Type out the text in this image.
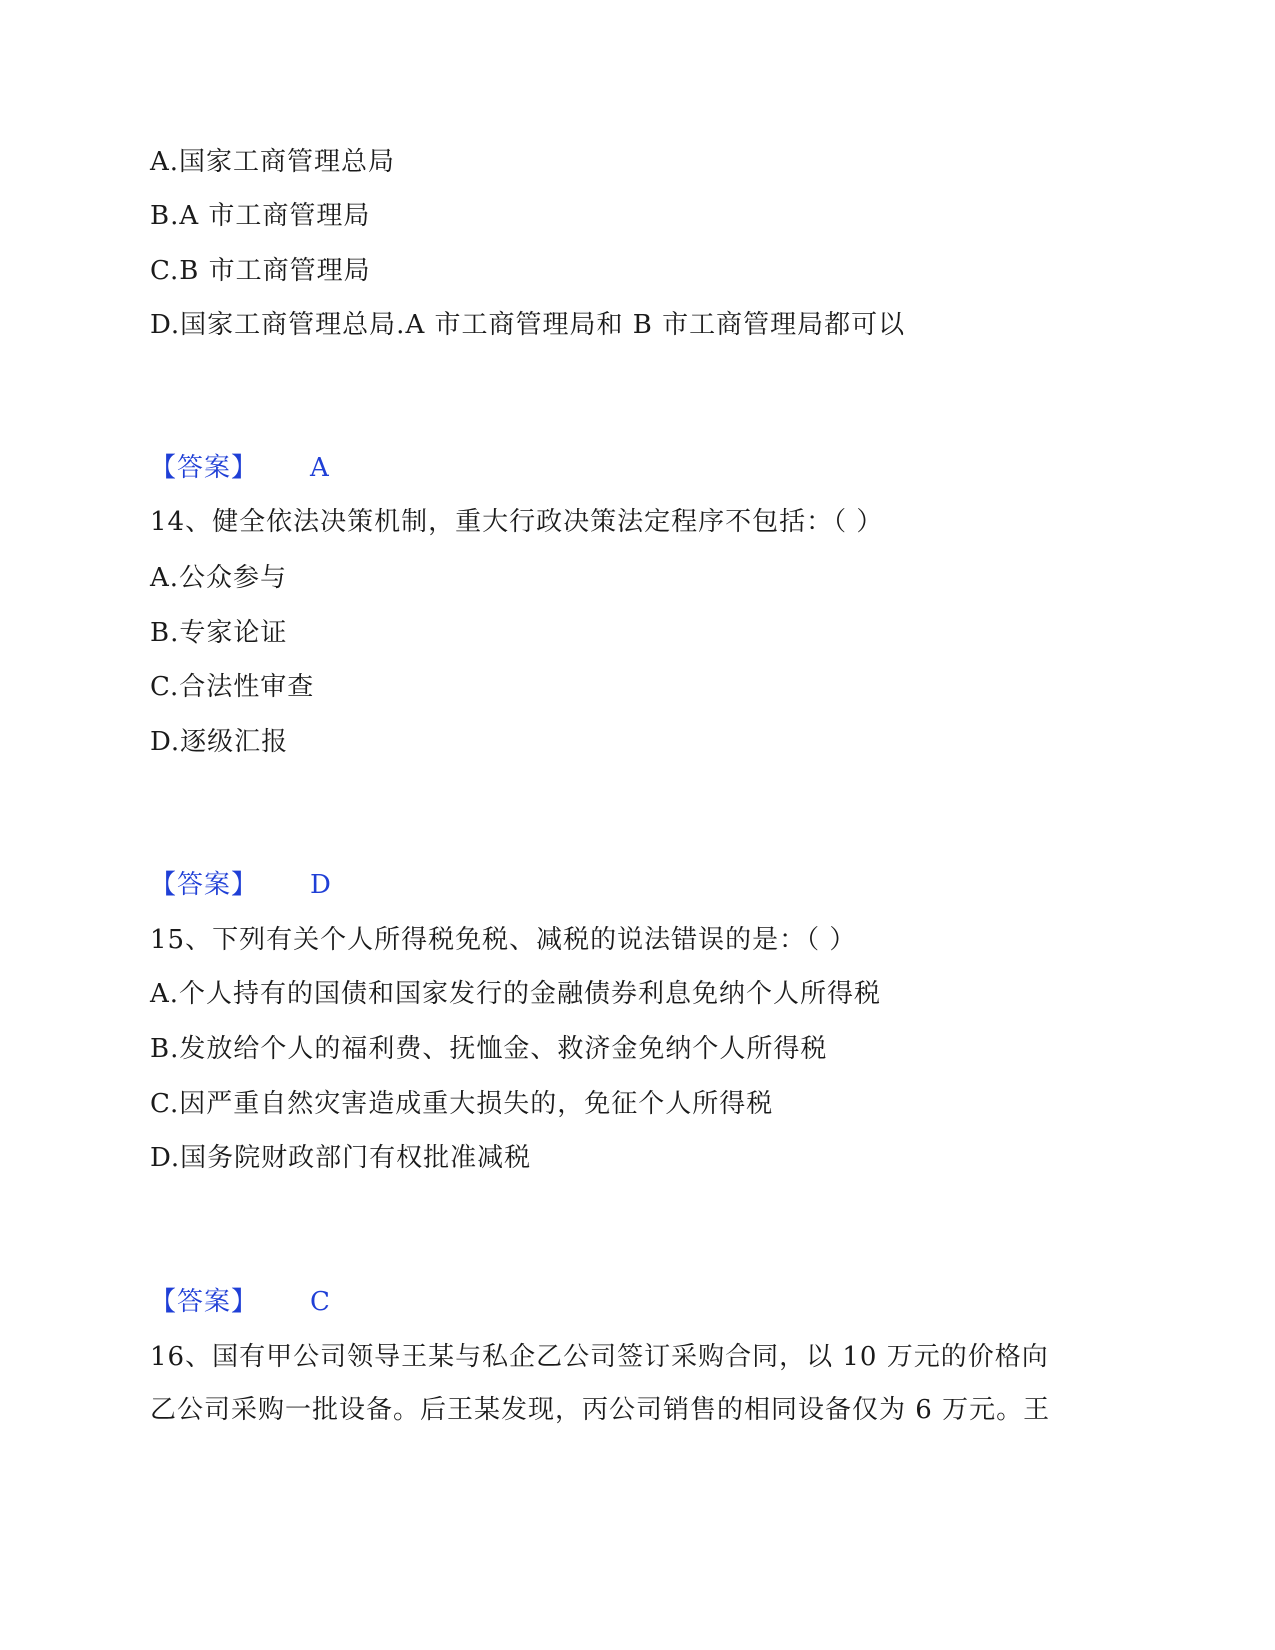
A.国家工商管理总局
B.A 市工商管理局
C.B 市工商管理局
D.国家工商管理总局.A 市工商管理局和 B 市工商管理局都可以
【答案】 A
14、健全依法决策机制，重大行政决策法定程序不包括：（ ）
A.公众参与
B.专家论证
C.合法性审查
D.逐级汇报
【答案】 D
15、下列有关个人所得税免税、减税的说法错误的是：（ ）
A.个人持有的国债和国家发行的金融债券利息免纳个人所得税
B.发放给个人的福利费、抚恤金、救济金免纳个人所得税
C.因严重自然灾害造成重大损失的，免征个人所得税
D.国务院财政部门有权批准减税
【答案】 C
16、国有甲公司领导王某与私企乙公司签订采购合同，以 10 万元的价格向
乙公司采购一批设备。后王某发现，丙公司销售的相同设备仅为 6 万元。王
